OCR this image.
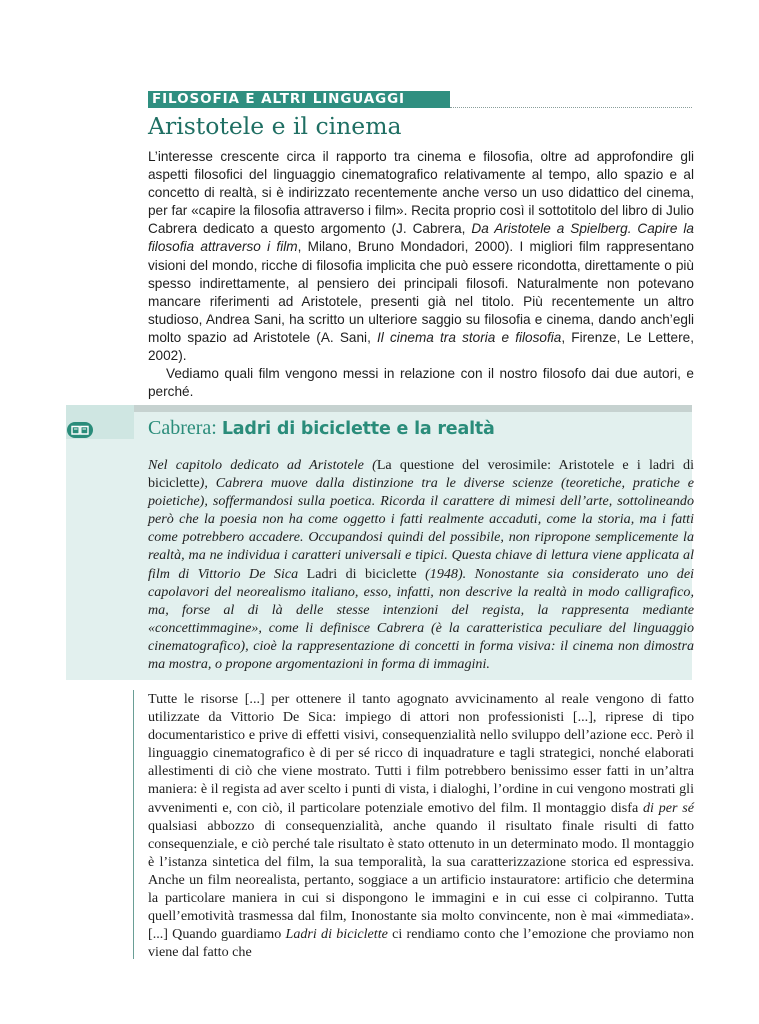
FILOSOFIA E ALTRI LINGUAGGI
Aristotele e il cinema

L’interesse crescente circa il rapporto tra cinema e filosofia, oltre ad approfondire gli aspetti filosofici del linguaggio cinematografico relativamente al tempo, allo spazio e al concetto di realtà, si è indirizzato recentemente anche verso un uso didattico del cinema, per far «capire la filosofia attraverso i film». Recita proprio così il sottotitolo del libro di Julio Cabrera dedicato a questo argomento (J. Cabrera, Da Aristotele a Spielberg. Capire la filosofia attraverso i film, Milano, Bruno Mondadori, 2000). I migliori film rappresentano visioni del mondo, ricche di filosofia implicita che può essere ricondotta, direttamente o più spesso indirettamente, al pensiero dei principali filosofi. Naturalmente non potevano mancare riferimenti ad Aristotele, presenti già nel titolo. Più recentemente un altro studioso, Andrea Sani, ha scritto un ulteriore saggio su filosofia e cinema, dando anch’egli molto spazio ad Aristotele (A. Sani, Il cinema tra storia e filosofia, Firenze, Le Lettere, 2002).

Vediamo quali film vengono messi in relazione con il nostro filosofo dai due autori, e perché.

Cabrera: Ladri di biciclette e la realtà

Nel capitolo dedicato ad Aristotele (La questione del verosimile: Aristotele e i ladri di biciclette), Cabrera muove dalla distinzione tra le diverse scienze (teoretiche, pratiche e poietiche), soffermandosi sulla poetica. Ricorda il carattere di mimesi dell’arte, sottolineando però che la poesia non ha come oggetto i fatti realmente accaduti, come la storia, ma i fatti come potrebbero accadere. Occupandosi quindi del possibile, non ripropone semplicemente la realtà, ma ne individua i caratteri universali e tipici. Questa chiave di lettura viene applicata al film di Vittorio De Sica Ladri di biciclette (1948). Nonostante sia considerato uno dei capolavori del neorealismo italiano, esso, infatti, non descrive la realtà in modo calligrafico, ma, forse al di là delle stesse intenzioni del regista, la rappresenta mediante «concettimmagine», come li definisce Cabrera (è la caratteristica peculiare del linguaggio cinematografico), cioè la rappresentazione di concetti in forma visiva: il cinema non dimostra ma mostra, o propone argomentazioni in forma di immagini.

Tutte le risorse [...] per ottenere il tanto agognato avvicinamento al reale vengono di fatto utilizzate da Vittorio De Sica: impiego di attori non professionisti [...], riprese di tipo documentaristico e prive di effetti visivi, consequenzialità nello sviluppo dell’azione ecc. Però il linguaggio cinematografico è di per sé ricco di inquadrature e tagli strategici, nonché elaborati allestimenti di ciò che viene mostrato. Tutti i film potrebbero benissimo esser fatti in un’altra maniera: è il regista ad aver scelto i punti di vista, i dialoghi, l’ordine in cui vengono mostrati gli avvenimenti e, con ciò, il particolare potenziale emotivo del film. Il montaggio disfa di per sé qualsiasi abbozzo di consequenzialità, anche quando il risultato finale risulti di fatto consequenziale, e ciò perché tale risultato è stato ottenuto in un determinato modo. Il montaggio è l’istanza sintetica del film, la sua temporalità, la sua caratterizzazione storica ed espressiva. Anche un film neorealista, pertanto, soggiace a un artificio instauratore: artificio che determina la particolare maniera in cui si dispongono le immagini e in cui esse ci colpiranno. Tutta quell’emotività trasmessa dal film, Inonostante sia molto convincente, non è mai «immediata». [...] Quando guardiamo Ladri di biciclette ci rendiamo conto che l’emozione che proviamo non viene dal fatto che
